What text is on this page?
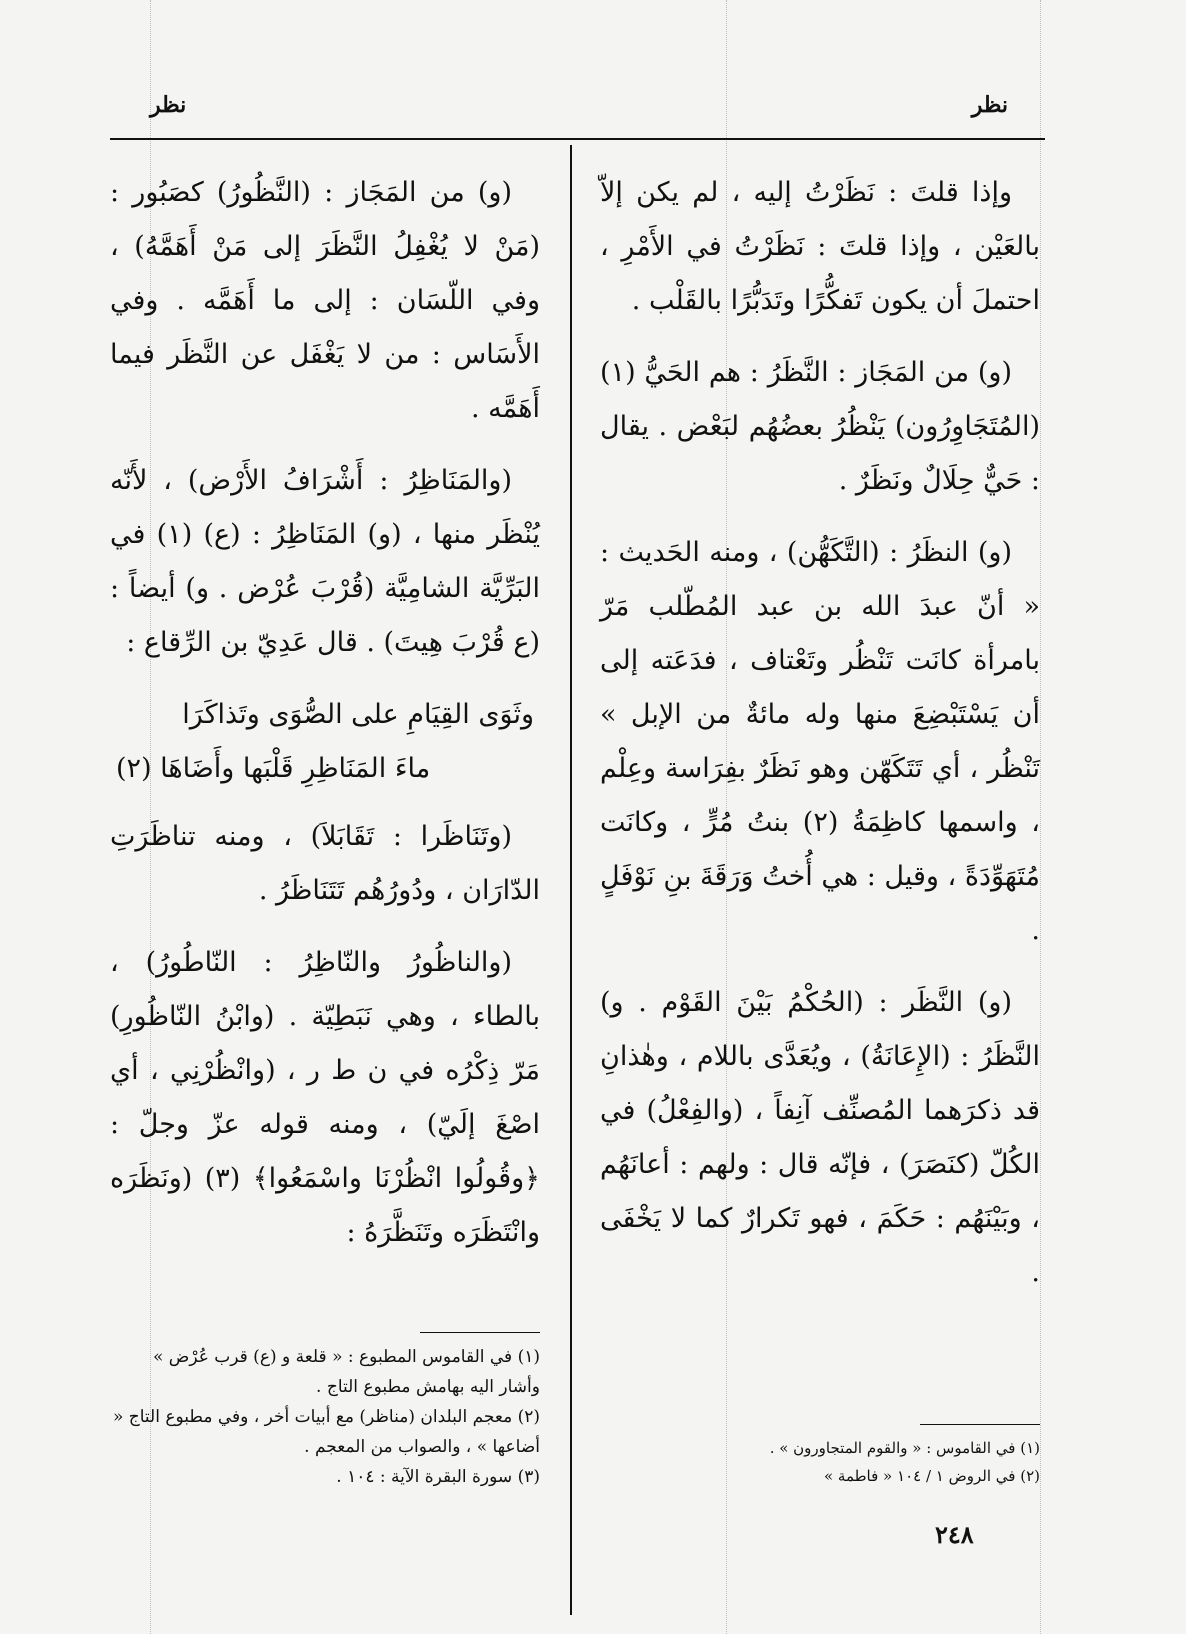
نظر
نظر

وإذا قلتَ : نَظَرْتُ إليه ، لم يكن إلاّ بالعَيْن ، وإذا قلتَ : نَظَرْتُ في الأَمْرِ ، احتملَ أن يكون تَفكُّرًا وتَدَبُّرًا بالقَلْب .

(و) من المَجَاز : النَّظَرُ : هم الحَيُّ (١) (المُتَجَاوِرُون) يَنْظُرُ بعضُهُم لبَعْض . يقال : حَيٌّ حِلَالٌ ونَظَرٌ .

(و) النظَرُ : (التَّكَهُّن) ، ومنه الحَديث : « أنّ عبدَ الله بن عبد المُطّلب مَرّ بامرأة كانَت تَنْظُر وتَعْتاف ، فدَعَته إلى أن يَسْتَبْضِعَ منها وله مائةٌ من الإبل » تَنْظُر ، أي تَتَكَهّن وهو نَظَرٌ بفِرَاسة وعِلْم ، واسمها كاظِمَةُ (٢) بنتُ مُرٍّ ، وكانَت مُتَهَوِّدَةً ، وقيل : هي أُختُ وَرَقَةَ بنِ نَوْفَلٍ .

(و) النَّظَر : (الحُكْمُ بَيْنَ القَوْم . و) النَّظَرُ : (الإِعَانَةُ) ، ويُعَدَّى باللام ، وهٰذانِ قد ذكرَهما المُصنِّف آنِفاً ، (والفِعْلُ) في الكُلّ (كنَصَرَ) ، فإنّه قال : ولهم : أعانَهُم ، وبَيْنَهُم : حَكَمَ ، فهو تَكرارٌ كما لا يَخْفَى .

(و) من المَجَاز : (النَّظُورُ) كصَبُور : (مَنْ لا يُغْفِلُ النَّظَرَ إلى مَنْ أَهَمَّهُ) ، وفي اللّسَان : إلى ما أَهَمَّه . وفي الأَسَاس : من لا يَغْفَل عن النَّظَر فيما أَهَمَّه .

(والمَنَاظِرُ : أَشْرَافُ الأَرْض) ، لأَنّه يُنْظَر منها ، (و) المَنَاظِرُ : (ع) (١) في البَرِّيَّة الشامِيَّة (قُرْبَ عُرْض . و) أيضاً : (ع قُرْبَ هِيتَ) . قال عَدِيّ بن الرِّقاع :

وثَوَى القِيَامِ على الصُّوَى وتَذاكَرَا
ماءَ المَنَاظِرِ قَلْبَها وأَضَاهَا (٢)

(وتَنَاظَرا : تَقَابَلاَ) ، ومنه تناظَرَتِ الدّارَان ، ودُورُهُم تَتَنَاظَرُ .

(والناظُورُ والنّاظِرُ : النّاطُورُ) ، بالطاء ، وهي نَبَطِيّة . (وابْنُ النّاظُورِ) مَرّ ذِكْرُه في ن ط ر ، (وانْظُرْنِي ، أي اصْغَ إلَيّ) ، ومنه قوله عزّ وجلّ : ﴿وقُولُوا انْظُرْنَا واسْمَعُوا﴾ (٣) (ونَظَرَه وانْتَظَرَه وتَنَظَّرَهُ :

(١) في القاموس المطبوع : « قلعة و (ع) قرب عُرْض » وأشار اليه بهامش مطبوع التاج .
(٢) معجم البلدان (مناظر) مع أبيات أخر ، وفي مطبوع التاج « أضاعها » ، والصواب من المعجم .
(٣) سورة البقرة الآية : ١٠٤ .
(١) في القاموس : « والقوم المتجاورون » .
(٢) في الروض ١ / ١٠٤ « فاطمة »
٢٤٨
